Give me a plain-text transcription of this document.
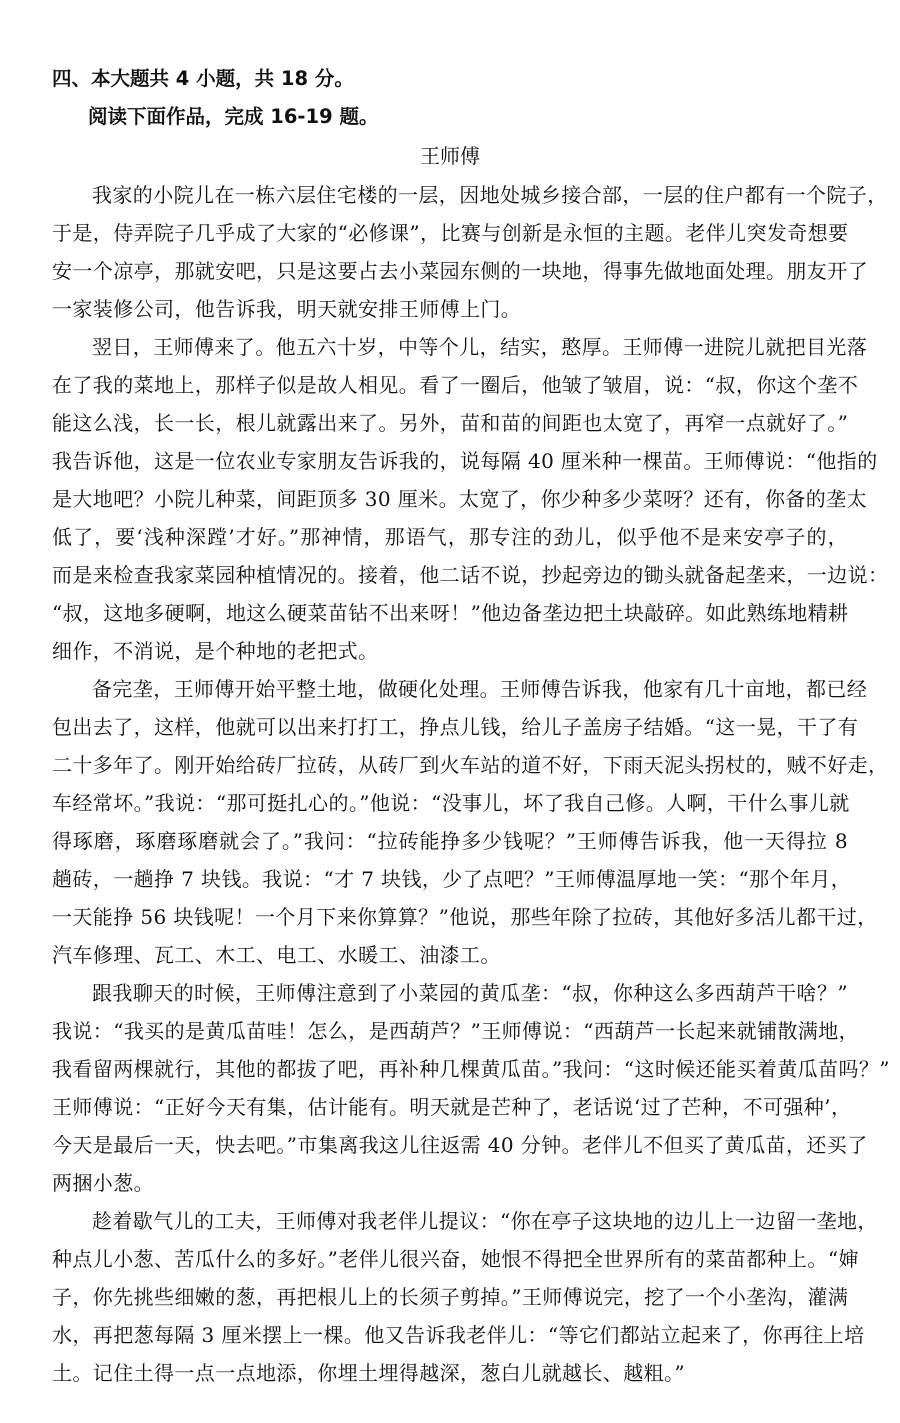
四、本大题共 4 小题，共 18 分。

阅读下面作品，完成 16-19 题。

王师傅

我家的小院儿在一栋六层住宅楼的一层，因地处城乡接合部，一层的住户都有一个院子，

于是，侍弄院子几乎成了大家的“必修课”，比赛与创新是永恒的主题。老伴儿突发奇想要

安一个凉亭，那就安吧，只是这要占去小菜园东侧的一块地，得事先做地面处理。朋友开了

一家装修公司，他告诉我，明天就安排王师傅上门。

翌日，王师傅来了。他五六十岁，中等个儿，结实，憨厚。王师傅一进院儿就把目光落

在了我的菜地上，那样子似是故人相见。看了一圈后，他皱了皱眉，说：“叔，你这个垄不

能这么浅，长一长，根儿就露出来了。另外，苗和苗的间距也太宽了，再窄一点就好了。”

我告诉他，这是一位农业专家朋友告诉我的，说每隔 40 厘米种一棵苗。王师傅说：“他指的

是大地吧？小院儿种菜，间距顶多 30 厘米。太宽了，你少种多少菜呀？还有，你备的垄太

低了，要‘浅种深蹚’才好。”那神情，那语气，那专注的劲儿，似乎他不是来安亭子的，

而是来检查我家菜园种植情况的。接着，他二话不说，抄起旁边的锄头就备起垄来，一边说：

“叔，这地多硬啊，地这么硬菜苗钻不出来呀！”他边备垄边把土块敲碎。如此熟练地精耕

细作，不消说，是个种地的老把式。

备完垄，王师傅开始平整土地，做硬化处理。王师傅告诉我，他家有几十亩地，都已经

包出去了，这样，他就可以出来打打工，挣点儿钱，给儿子盖房子结婚。“这一晃，干了有

二十多年了。刚开始给砖厂拉砖，从砖厂到火车站的道不好，下雨天泥头拐杖的，贼不好走，

车经常坏。”我说：“那可挺扎心的。”他说：“没事儿，坏了我自己修。人啊，干什么事儿就

得琢磨，琢磨琢磨就会了。”我问：“拉砖能挣多少钱呢？”王师傅告诉我，他一天得拉 8

趟砖，一趟挣 7 块钱。我说：“才 7 块钱，少了点吧？”王师傅温厚地一笑：“那个年月，

一天能挣 56 块钱呢！一个月下来你算算？”他说，那些年除了拉砖，其他好多活儿都干过，

汽车修理、瓦工、木工、电工、水暖工、油漆工。

跟我聊天的时候，王师傅注意到了小菜园的黄瓜垄：“叔，你种这么多西葫芦干啥？”

我说：“我买的是黄瓜苗哇！怎么，是西葫芦？”王师傅说：“西葫芦一长起来就铺散满地，

我看留两棵就行，其他的都拔了吧，再补种几棵黄瓜苗。”我问：“这时候还能买着黄瓜苗吗？”

王师傅说：“正好今天有集，估计能有。明天就是芒种了，老话说‘过了芒种，不可强种’，

今天是最后一天，快去吧。”市集离我这儿往返需 40 分钟。老伴儿不但买了黄瓜苗，还买了

两捆小葱。

趁着歇气儿的工夫，王师傅对我老伴儿提议：“你在亭子这块地的边儿上一边留一垄地，

种点儿小葱、苦瓜什么的多好。”老伴儿很兴奋，她恨不得把全世界所有的菜苗都种上。“婶

子，你先挑些细嫩的葱，再把根儿上的长须子剪掉。”王师傅说完，挖了一个小垄沟，灌满

水，再把葱每隔 3 厘米摆上一棵。他又告诉我老伴儿：“等它们都站立起来了，你再往上培

土。记住土得一点一点地添，你埋土埋得越深，葱白儿就越长、越粗。”
